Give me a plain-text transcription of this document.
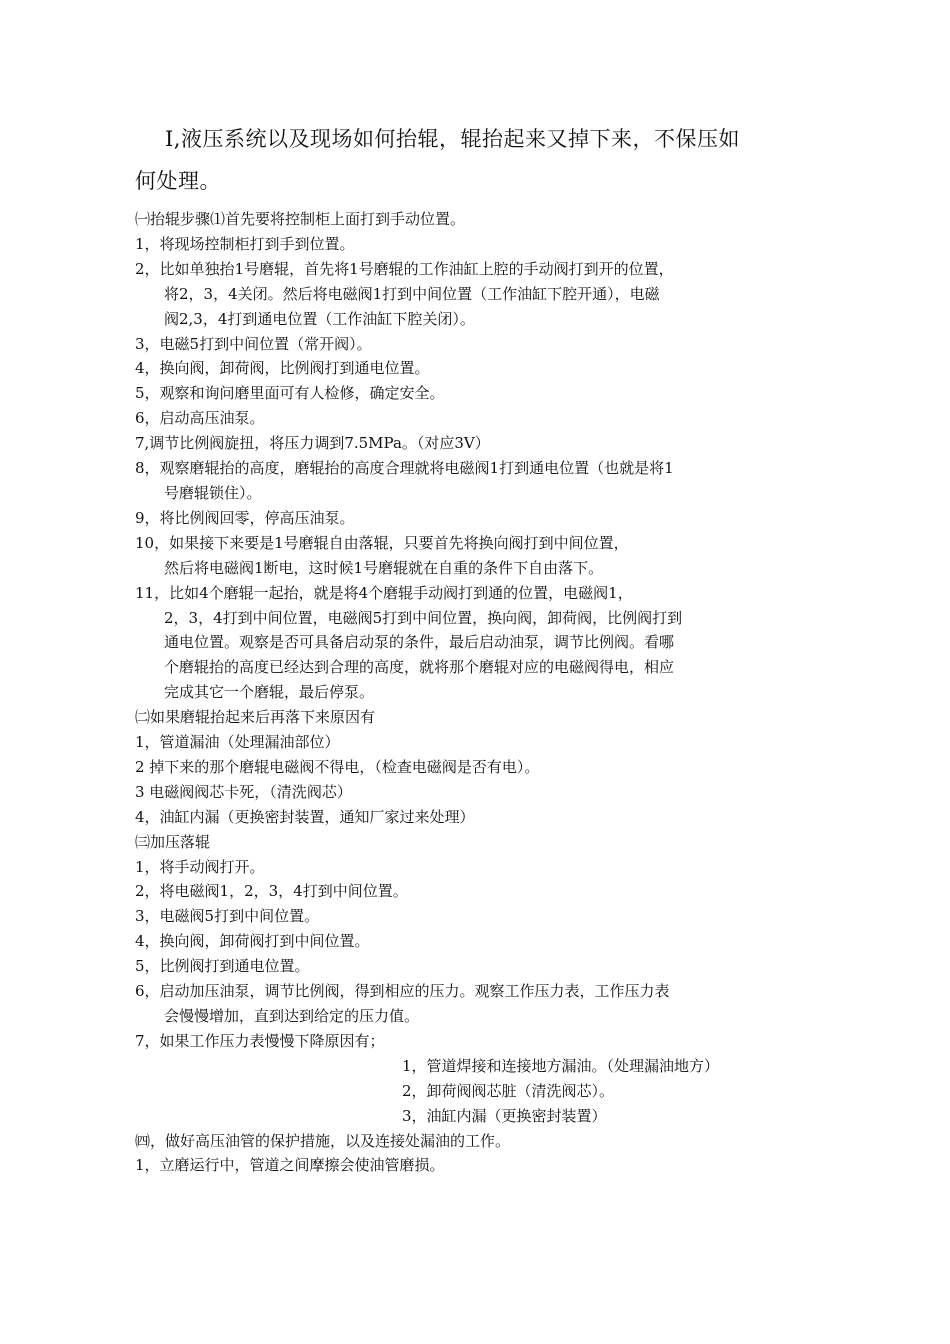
I,液压系统以及现场如何抬辊，辊抬起来又掉下来，不保压如
何处理。
㈠抬辊步骤⑴首先要将控制柜上面打到手动位置。
1，将现场控制柜打到手到位置。
2，比如单独抬1号磨辊，首先将1号磨辊的工作油缸上腔的手动阀打到开的位置，
将2，3，4关闭。然后将电磁阀1打到中间位置（工作油缸下腔开通），电磁
阀2,3，4打到通电位置（工作油缸下腔关闭）。
3，电磁5打到中间位置（常开阀）。
4，换向阀，卸荷阀，比例阀打到通电位置。
5，观察和询问磨里面可有人检修，确定安全。
6，启动高压油泵。
7,调节比例阀旋扭，将压力调到7.5MPa。（对应3V）
8，观察磨辊抬的高度，磨辊抬的高度合理就将电磁阀1打到通电位置（也就是将1
号磨辊锁住）。
9，将比例阀回零，停高压油泵。
10，如果接下来要是1号磨辊自由落辊，只要首先将换向阀打到中间位置，
然后将电磁阀1断电，这时候1号磨辊就在自重的条件下自由落下。
11，比如4个磨辊一起抬，就是将4个磨辊手动阀打到通的位置，电磁阀1，
2，3，4打到中间位置，电磁阀5打到中间位置，换向阀，卸荷阀，比例阀打到
通电位置。观察是否可具备启动泵的条件，最后启动油泵，调节比例阀。看哪
个磨辊抬的高度已经达到合理的高度，就将那个磨辊对应的电磁阀得电，相应
完成其它一个磨辊，最后停泵。
㈡如果磨辊抬起来后再落下来原因有
1，管道漏油（处理漏油部位）
2 掉下来的那个磨辊电磁阀不得电，（检查电磁阀是否有电）。
3 电磁阀阀芯卡死，（清洗阀芯）
4，油缸内漏（更换密封装置，通知厂家过来处理）
㈢加压落辊
1，将手动阀打开。
2，将电磁阀1，2，3，4打到中间位置。
3，电磁阀5打到中间位置。
4，换向阀，卸荷阀打到中间位置。
5，比例阀打到通电位置。
6，启动加压油泵，调节比例阀，得到相应的压力。观察工作压力表，工作压力表
会慢慢增加，直到达到给定的压力值。
7，如果工作压力表慢慢下降原因有；
1，管道焊接和连接地方漏油。（处理漏油地方）
2，卸荷阀阀芯脏（清洗阀芯）。
3，油缸内漏（更换密封装置）
㈣，做好高压油管的保护措施，以及连接处漏油的工作。
1，立磨运行中，管道之间摩擦会使油管磨损。
